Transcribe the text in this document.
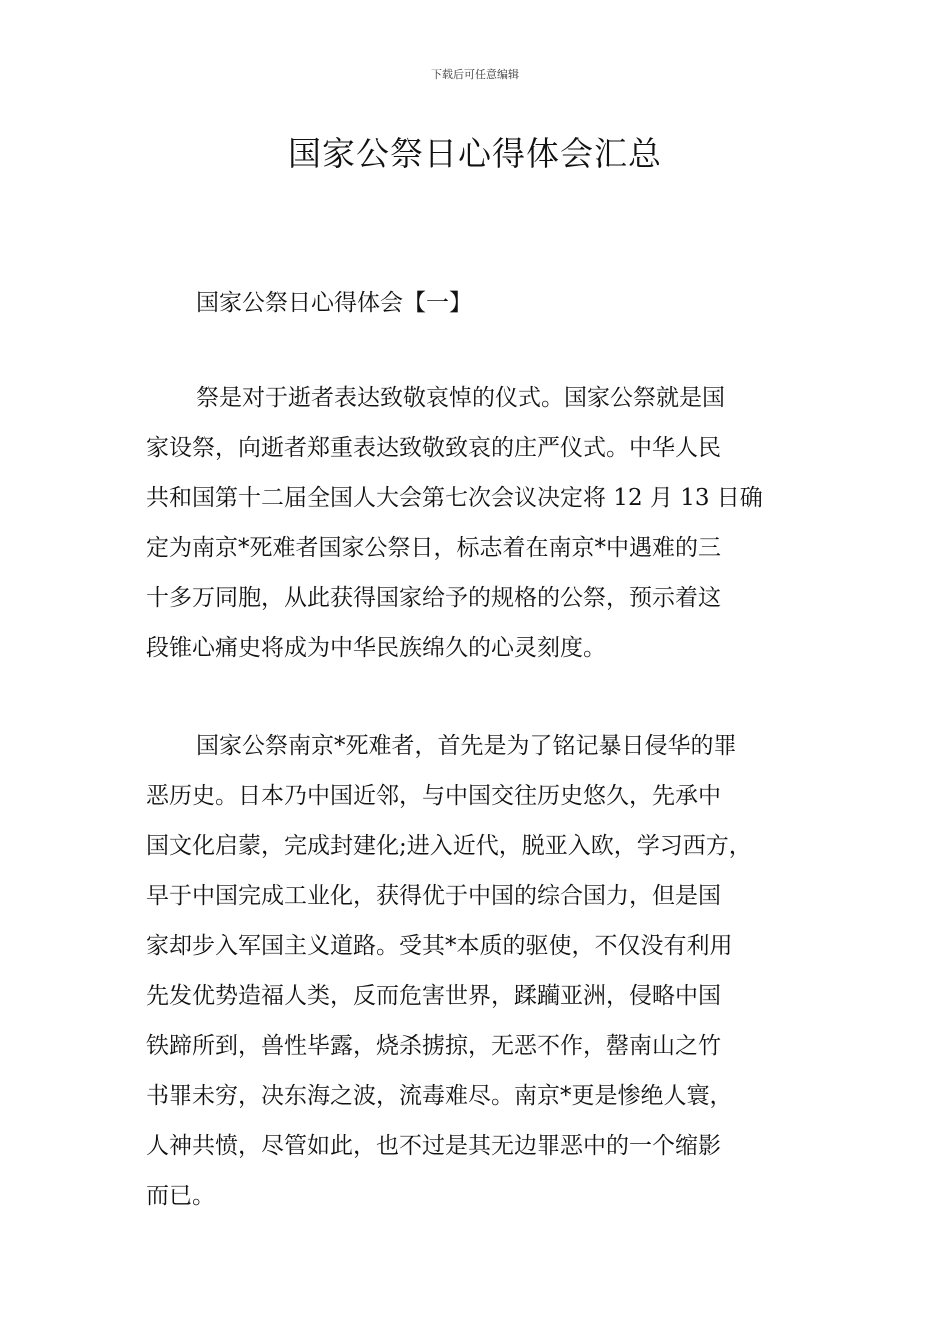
下载后可任意编辑
国家公祭日心得体会汇总
国家公祭日心得体会【一】
祭是对于逝者表达致敬哀悼的仪式。国家公祭就是国
家设祭，向逝者郑重表达致敬致哀的庄严仪式。中华人民
共和国第十二届全国人大会第七次会议决定将 12 月 13 日确
定为南京*死难者国家公祭日，标志着在南京*中遇难的三
十多万同胞，从此获得国家给予的规格的公祭，预示着这
段锥心痛史将成为中华民族绵久的心灵刻度。
国家公祭南京*死难者，首先是为了铭记暴日侵华的罪
恶历史。日本乃中国近邻，与中国交往历史悠久，先承中
国文化启蒙，完成封建化;进入近代，脱亚入欧，学习西方，
早于中国完成工业化，获得优于中国的综合国力，但是国
家却步入军国主义道路。受其*本质的驱使，不仅没有利用
先发优势造福人类，反而危害世界，蹂躏亚洲，侵略中国
铁蹄所到，兽性毕露，烧杀掳掠，无恶不作，罄南山之竹
书罪未穷，决东海之波，流毒难尽。南京*更是惨绝人寰，
人神共愤，尽管如此，也不过是其无边罪恶中的一个缩影
而已。
